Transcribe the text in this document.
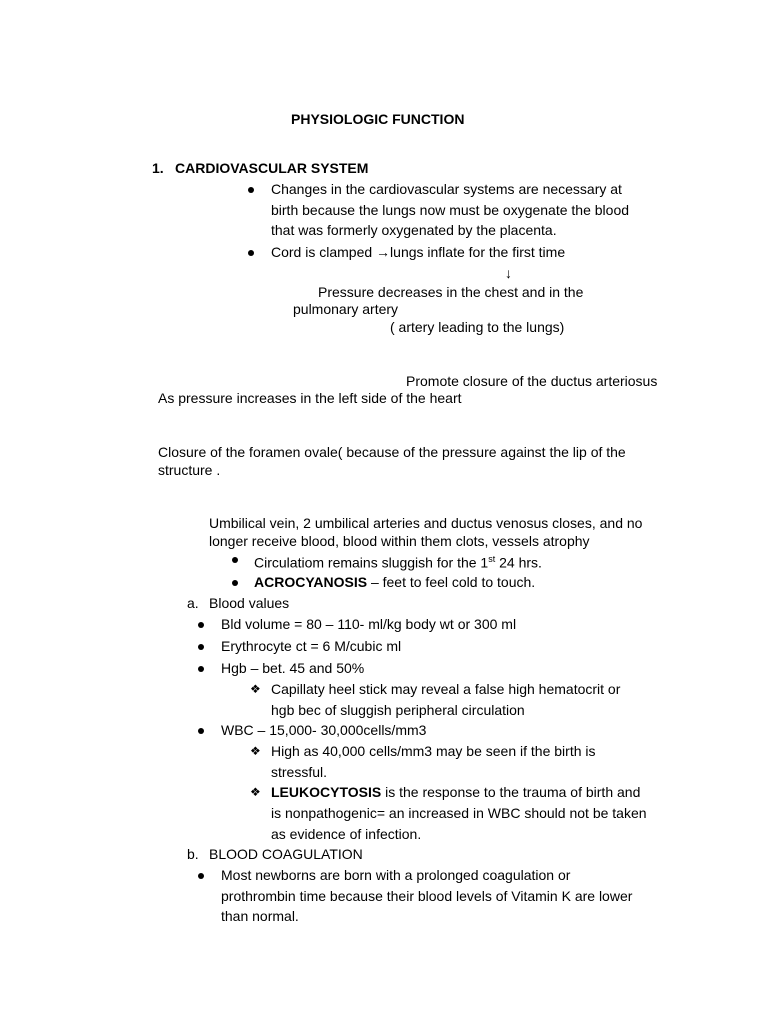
PHYSIOLOGIC FUNCTION
1. CARDIOVASCULAR SYSTEM
Changes in the cardiovascular systems are necessary at
birth because the lungs now must be oxygenate the blood
that was formerly oxygenated by the placenta.
Cord is clamped →lungs inflate for the first time
↓
Pressure decreases in the chest and in the
pulmonary artery
( artery leading to the lungs)
Promote closure of the ductus arteriosus
As pressure increases in the left side of the heart
Closure of the foramen ovale( because of the pressure against the lip of the
structure .
Umbilical vein, 2 umbilical arteries and ductus venosus closes, and no
longer receive blood, blood within them clots, vessels atrophy
Circulatiom remains sluggish for the 1st 24 hrs.
ACROCYANOSIS – feet to feel cold to touch.
a. Blood values
Bld volume = 80 – 110- ml/kg body wt or 300 ml
Erythrocyte ct = 6 M/cubic ml
Hgb – bet. 45 and 50%
❖ Capillaty heel stick may reveal a false high hematocrit or
hgb bec of sluggish peripheral circulation
WBC – 15,000- 30,000cells/mm3
❖ High as 40,000 cells/mm3 may be seen if the birth is
stressful.
❖ LEUKOCYTOSIS is the response to the trauma of birth and
is nonpathogenic= an increased in WBC should not be taken
as evidence of infection.
b. BLOOD COAGULATION
Most newborns are born with a prolonged coagulation or
prothrombin time because their blood levels of Vitamin K are lower
than normal.
